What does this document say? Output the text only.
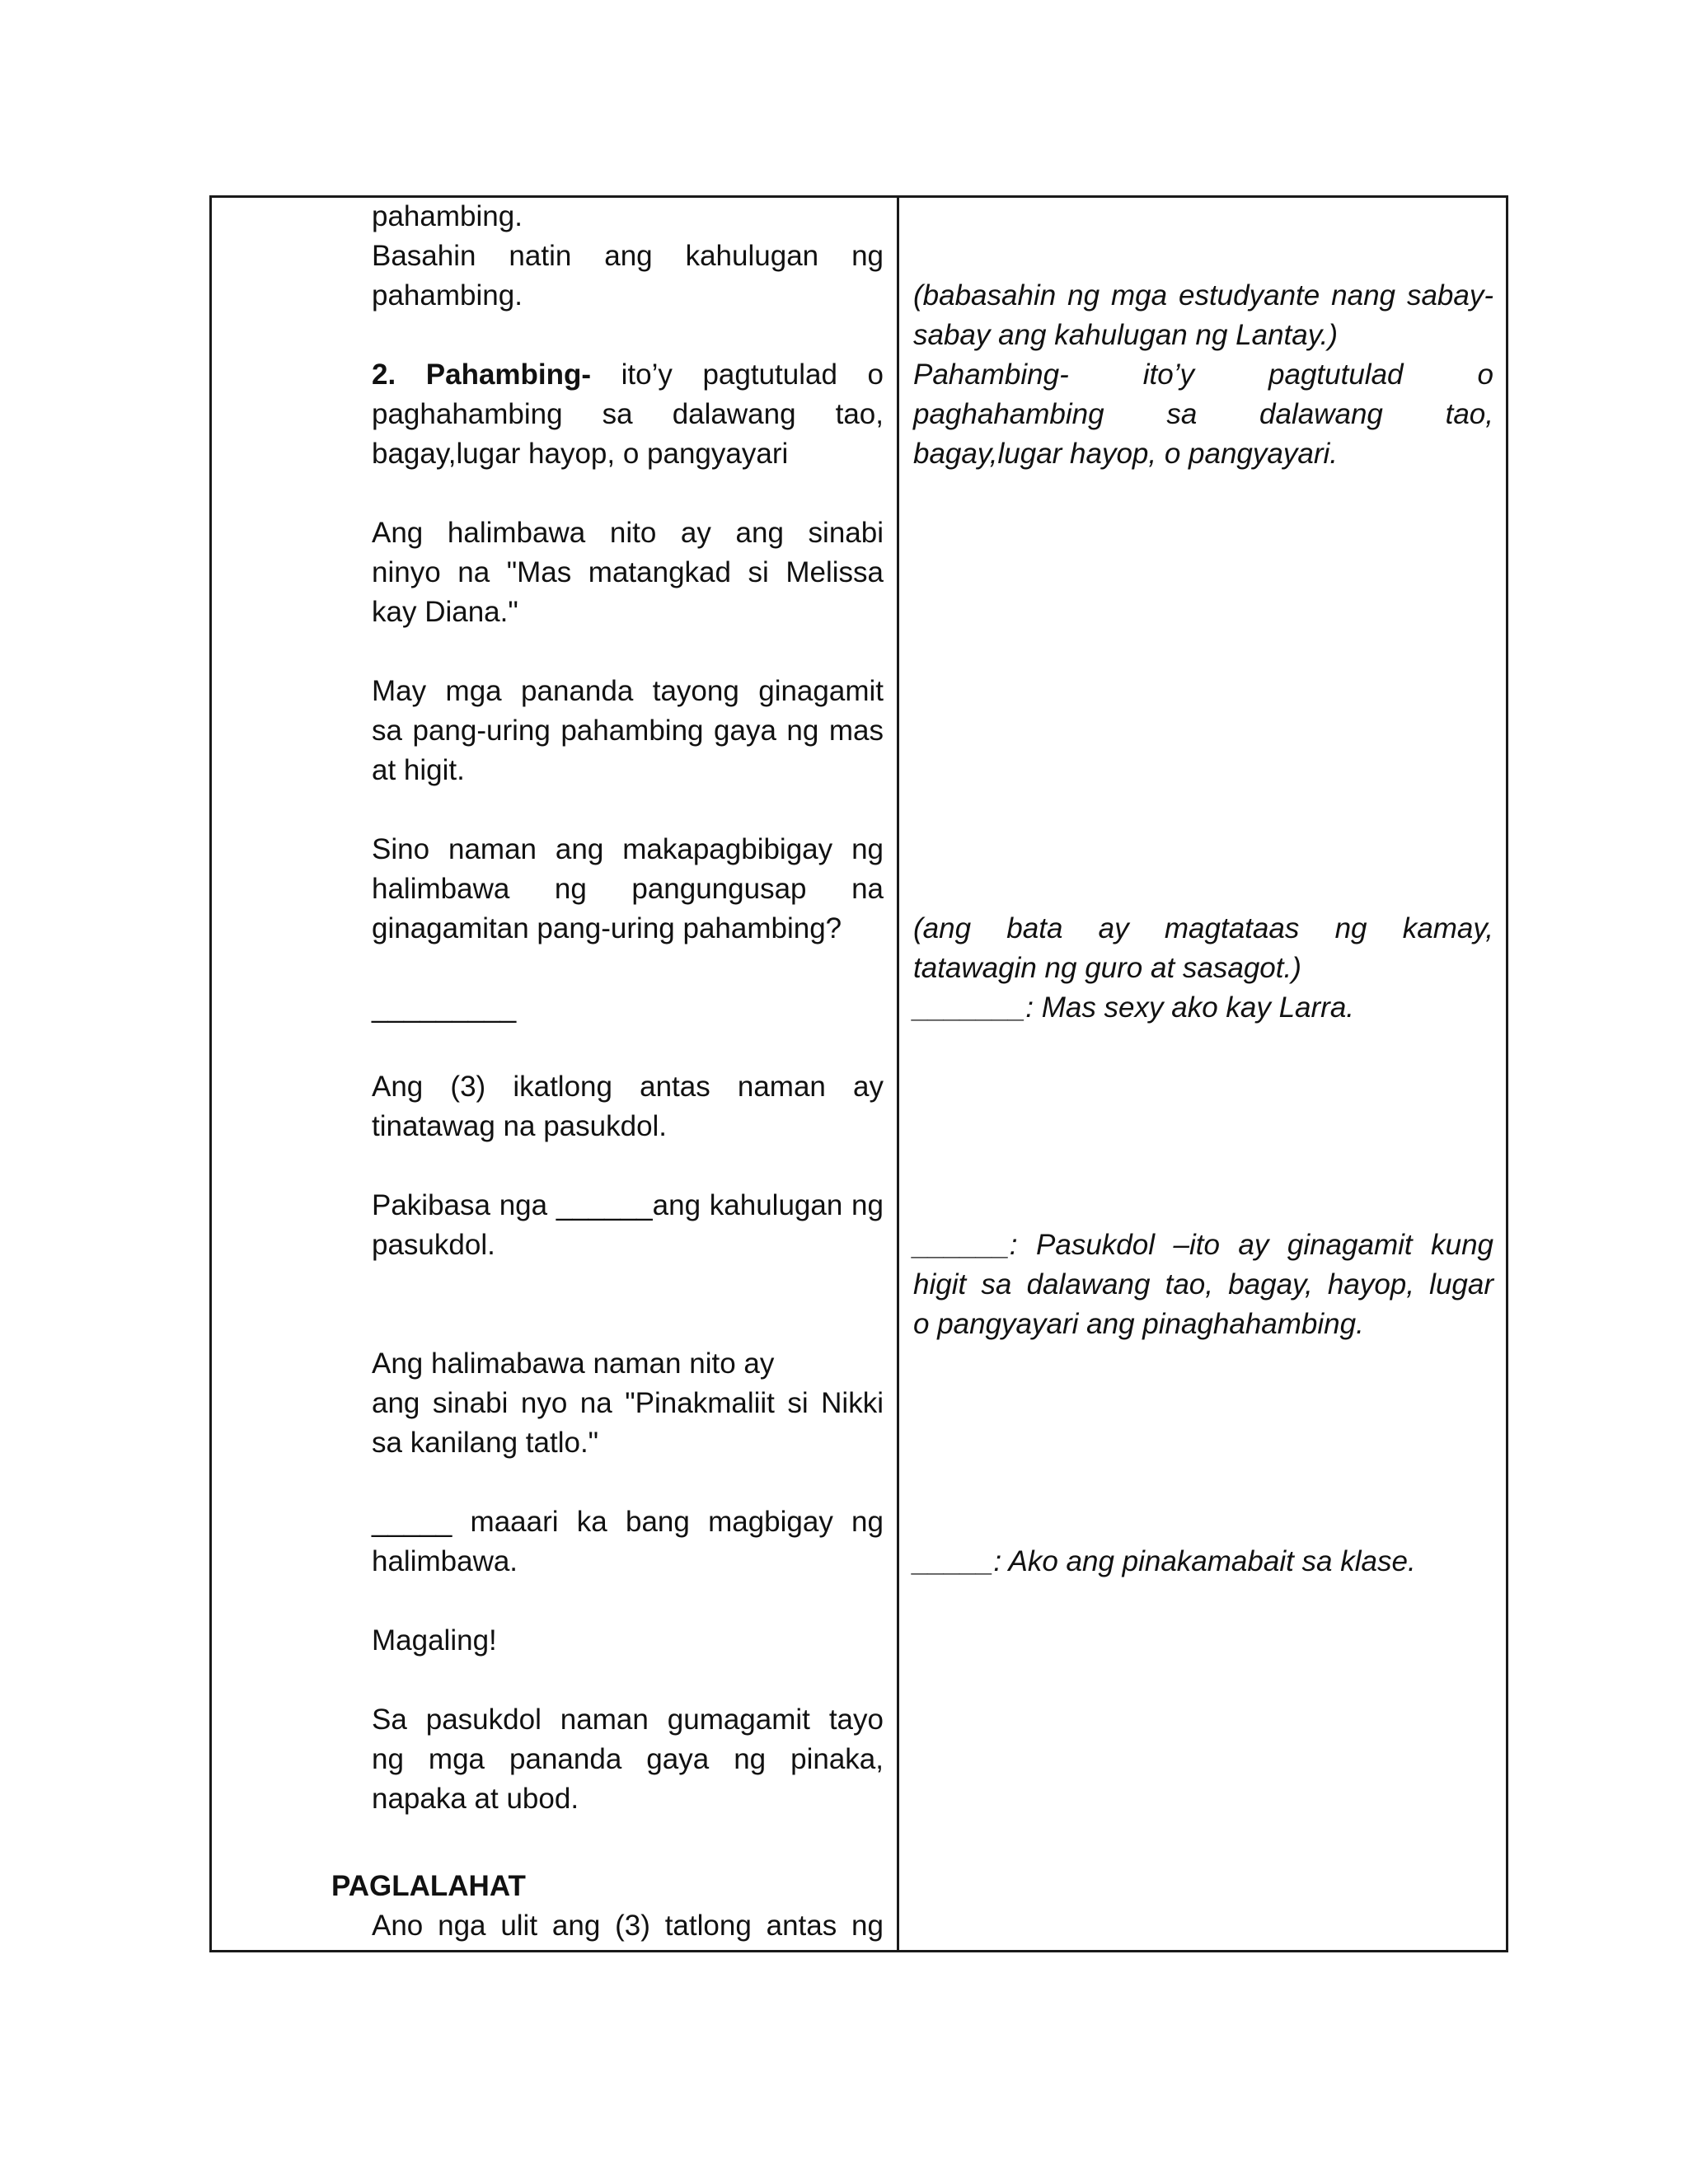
pahambing.
Basahin natin ang kahulugan ng
pahambing.
2. Pahambing- ito’y pagtutulad o
paghahambing sa dalawang tao,
bagay,lugar hayop, o pangyayari
Ang halimbawa nito ay ang sinabi
ninyo na "Mas matangkad si Melissa
kay Diana."
May mga pananda tayong ginagamit
sa pang-uring pahambing gaya ng mas
at higit.
Sino naman ang makapagbibigay ng
halimbawa ng pangungusap na
ginagamitan pang-uring pahambing?
_________
Ang (3) ikatlong antas naman ay
tinatawag na pasukdol.
Pakibasa nga ______ang kahulugan ng
pasukdol.
Ang halimabawa naman nito ay
ang sinabi nyo na "Pinakmaliit si Nikki
sa kanilang tatlo."
_____ maaari ka bang magbigay ng
halimbawa.
Magaling!
Sa pasukdol naman gumagamit tayo
ng mga pananda gaya ng pinaka,
napaka at ubod.
PAGLALAHAT
Ano nga ulit ang (3) tatlong antas ng
(babasahin ng mga estudyante nang sabay-
sabay ang kahulugan ng Lantay.)
Pahambing- ito’y pagtutulad o
paghahambing sa dalawang tao,
bagay,lugar hayop, o pangyayari.
(ang bata ay magtataas ng kamay,
tatawagin ng guro at sasagot.)
_______: Mas sexy ako kay Larra.
______: Pasukdol –ito ay ginagamit kung
higit sa dalawang tao, bagay, hayop, lugar
o pangyayari ang pinaghahambing.
_____: Ako ang pinakamabait sa klase.
